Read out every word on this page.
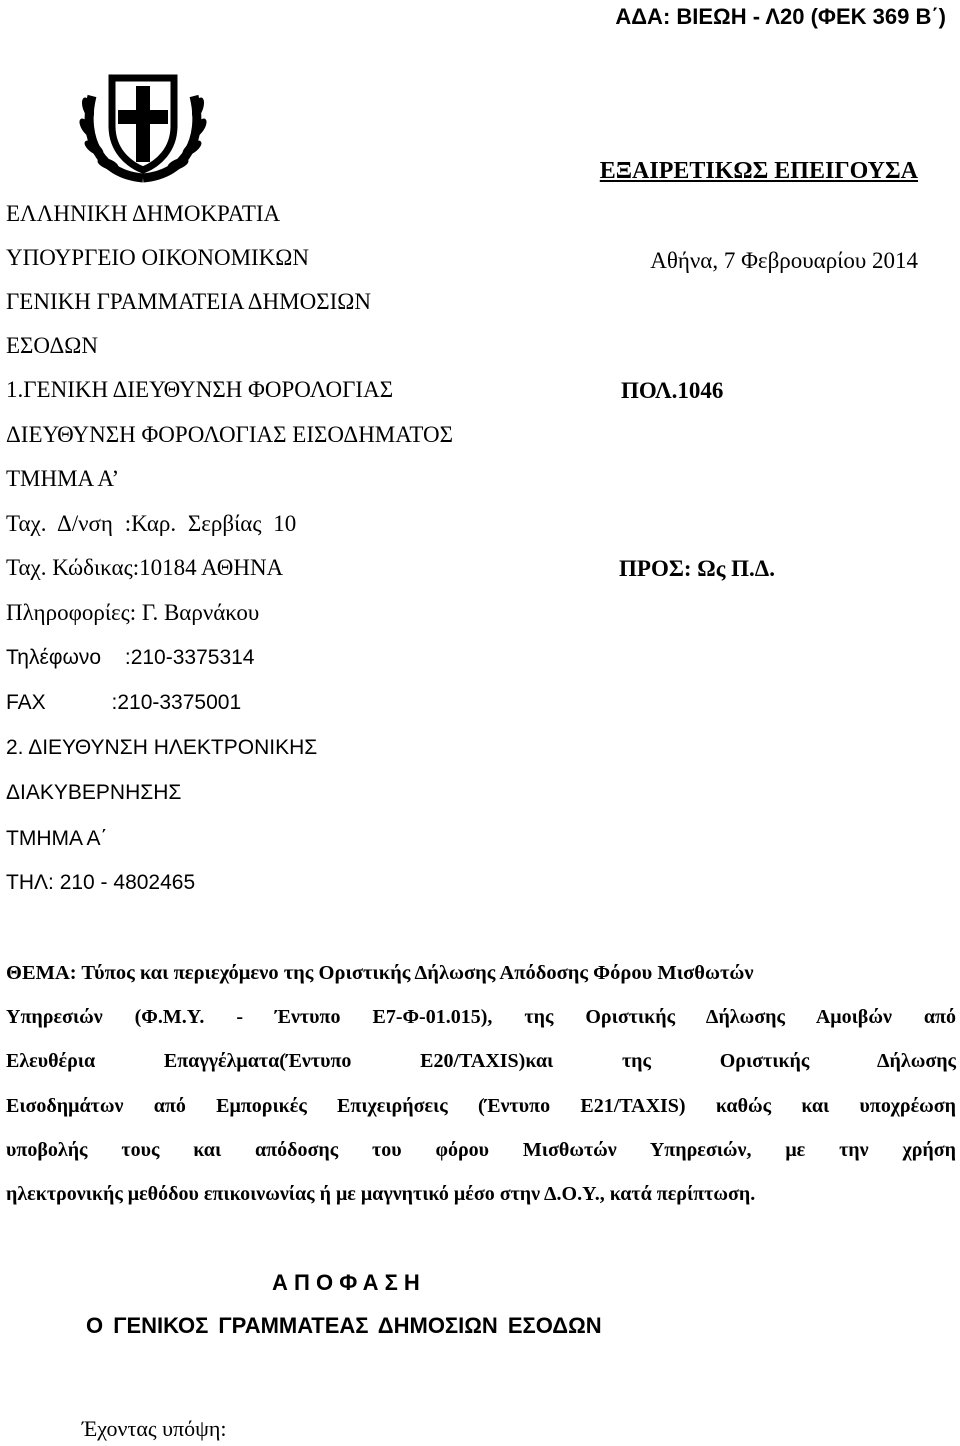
ΑΔΑ: ΒΙΕΩΗ - Λ20 (ΦΕΚ 369 Β΄)
ΕΞΑΙΡΕΤΙΚΩΣ ΕΠΕΙΓΟΥΣΑ
Αθήνα, 7 Φεβρουαρίου 2014
ΠΟΛ.1046
ΠΡΟΣ: Ως Π.Δ.
ΕΛΛΗΝΙΚΗ ΔΗΜΟΚΡΑΤΙΑ
ΥΠΟΥΡΓΕΙΟ ΟΙΚΟΝΟΜΙΚΩΝ
ΓΕΝΙΚΗ ΓΡΑΜΜΑΤΕΙΑ ΔΗΜΟΣΙΩΝ
ΕΣΟΔΩΝ
1.ΓΕΝΙΚΗ ΔΙΕΥΘΥΝΣΗ ΦΟΡΟΛΟΓΙΑΣ
ΔΙΕΥΘΥΝΣΗ ΦΟΡΟΛΟΓΙΑΣ ΕΙΣΟΔΗΜΑΤΟΣ
ΤΜΗΜΑ Α’
Ταχ. Δ/νση :Καρ. Σερβίας 10
Ταχ. Κώδικας:10184 ΑΘΗΝΑ
Πληροφορίες: Γ. Βαρνάκου
Τηλέφωνο :210-3375314
FAX :210-3375001
2. ΔΙΕΥΘΥΝΣΗ ΗΛΕΚΤΡΟΝΙΚΗΣ
ΔΙΑΚΥΒΕΡΝΗΣΗΣ
ΤΜΗΜΑ Α΄
ΤΗΛ: 210 - 4802465
ΘΕΜΑ: Τύπος και περιεχόμενο της Οριστικής Δήλωσης Απόδοσης Φόρου Μισθωτών
Υπηρεσιών (Φ.Μ.Υ. - Έντυπο Ε7-Φ-01.015), της Οριστικής Δήλωσης Αμοιβών από
Ελευθέρια Επαγγέλματα(Έντυπο Ε20/TAXIS)και της Οριστικής Δήλωσης
Εισοδημάτων από Εμπορικές Επιχειρήσεις (Έντυπο Ε21/TAXIS) καθώς και υποχρέωση
υποβολής τους και απόδοσης του φόρου Μισθωτών Υπηρεσιών, με την χρήση
ηλεκτρονικής μεθόδου επικοινωνίας ή με μαγνητικό μέσο στην Δ.Ο.Υ., κατά περίπτωση.
Α Π Ο Φ Α Σ Η
Ο ΓΕΝΙΚΟΣ ΓΡΑΜΜΑΤΕΑΣ ΔΗΜΟΣΙΩΝ ΕΣΟΔΩΝ
Έχοντας υπόψη:
